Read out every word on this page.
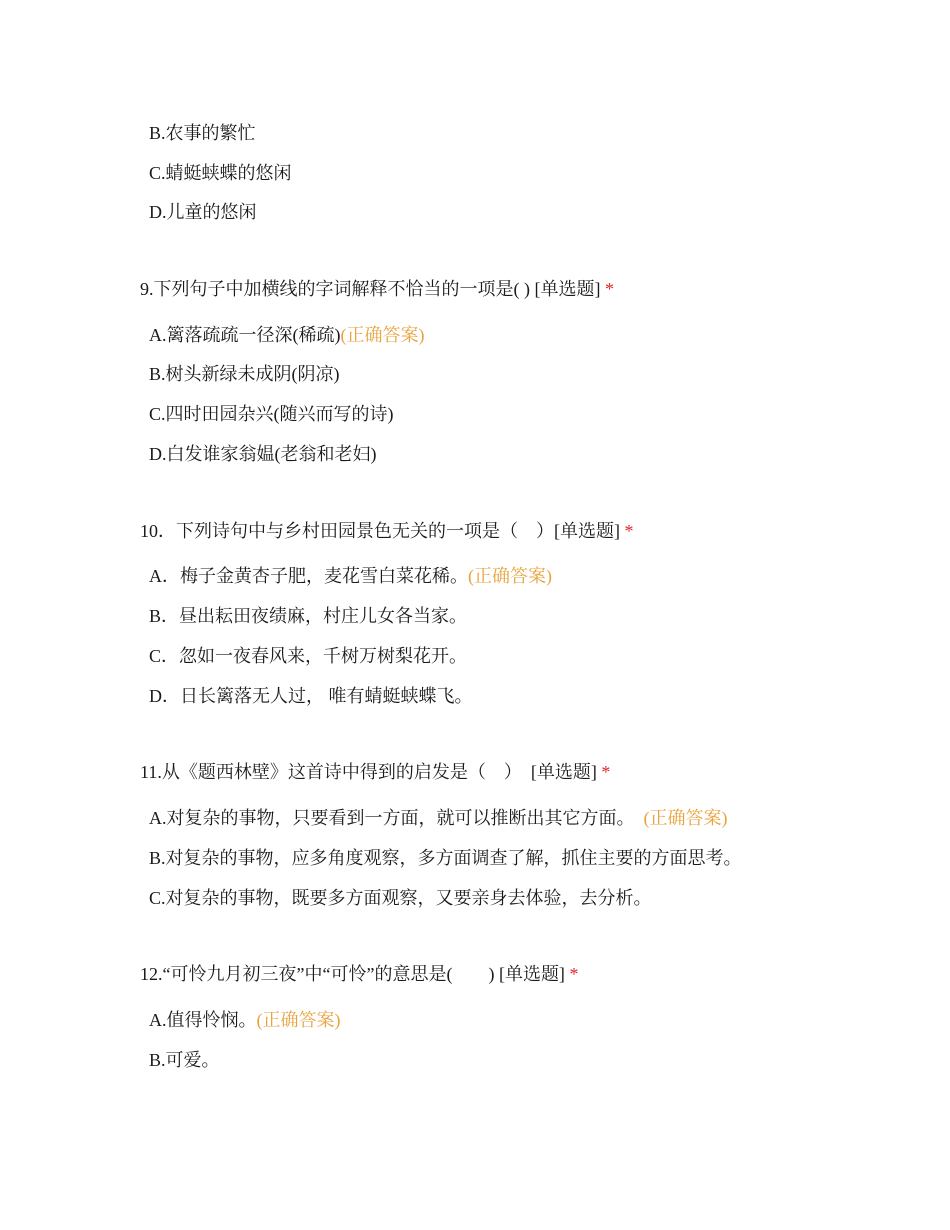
B.农事的繁忙
C.蜻蜓蛱蝶的悠闲
D.儿童的悠闲
9.下列句子中加横线的字词解释不恰当的一项是( ) [单选题] *
A.篱落疏疏一径深(稀疏)(正确答案)
B.树头新绿未成阴(阴凉)
C.四时田园杂兴(随兴而写的诗)
D.白发谁家翁媪(老翁和老妇)
10．下列诗句中与乡村田园景色无关的一项是（　）[单选题] *
A．梅子金黄杏子肥，麦花雪白菜花稀。(正确答案)
B．昼出耘田夜绩麻，村庄儿女各当家。
C．忽如一夜春风来，千树万树梨花开。
D．日长篱落无人过， 唯有蜻蜓蛱蝶飞。
11.从《题西林壁》这首诗中得到的启发是（　）　[单选题] *
A.对复杂的事物，只要看到一方面，就可以推断出其它方面。　(正确答案)
B.对复杂的事物，应多角度观察，多方面调查了解，抓住主要的方面思考。
C.对复杂的事物，既要多方面观察，又要亲身去体验，去分析。
12.“可怜九月初三夜”中“可怜”的意思是(　　) [单选题] *
A.值得怜悯。(正确答案)
B.可爱。
